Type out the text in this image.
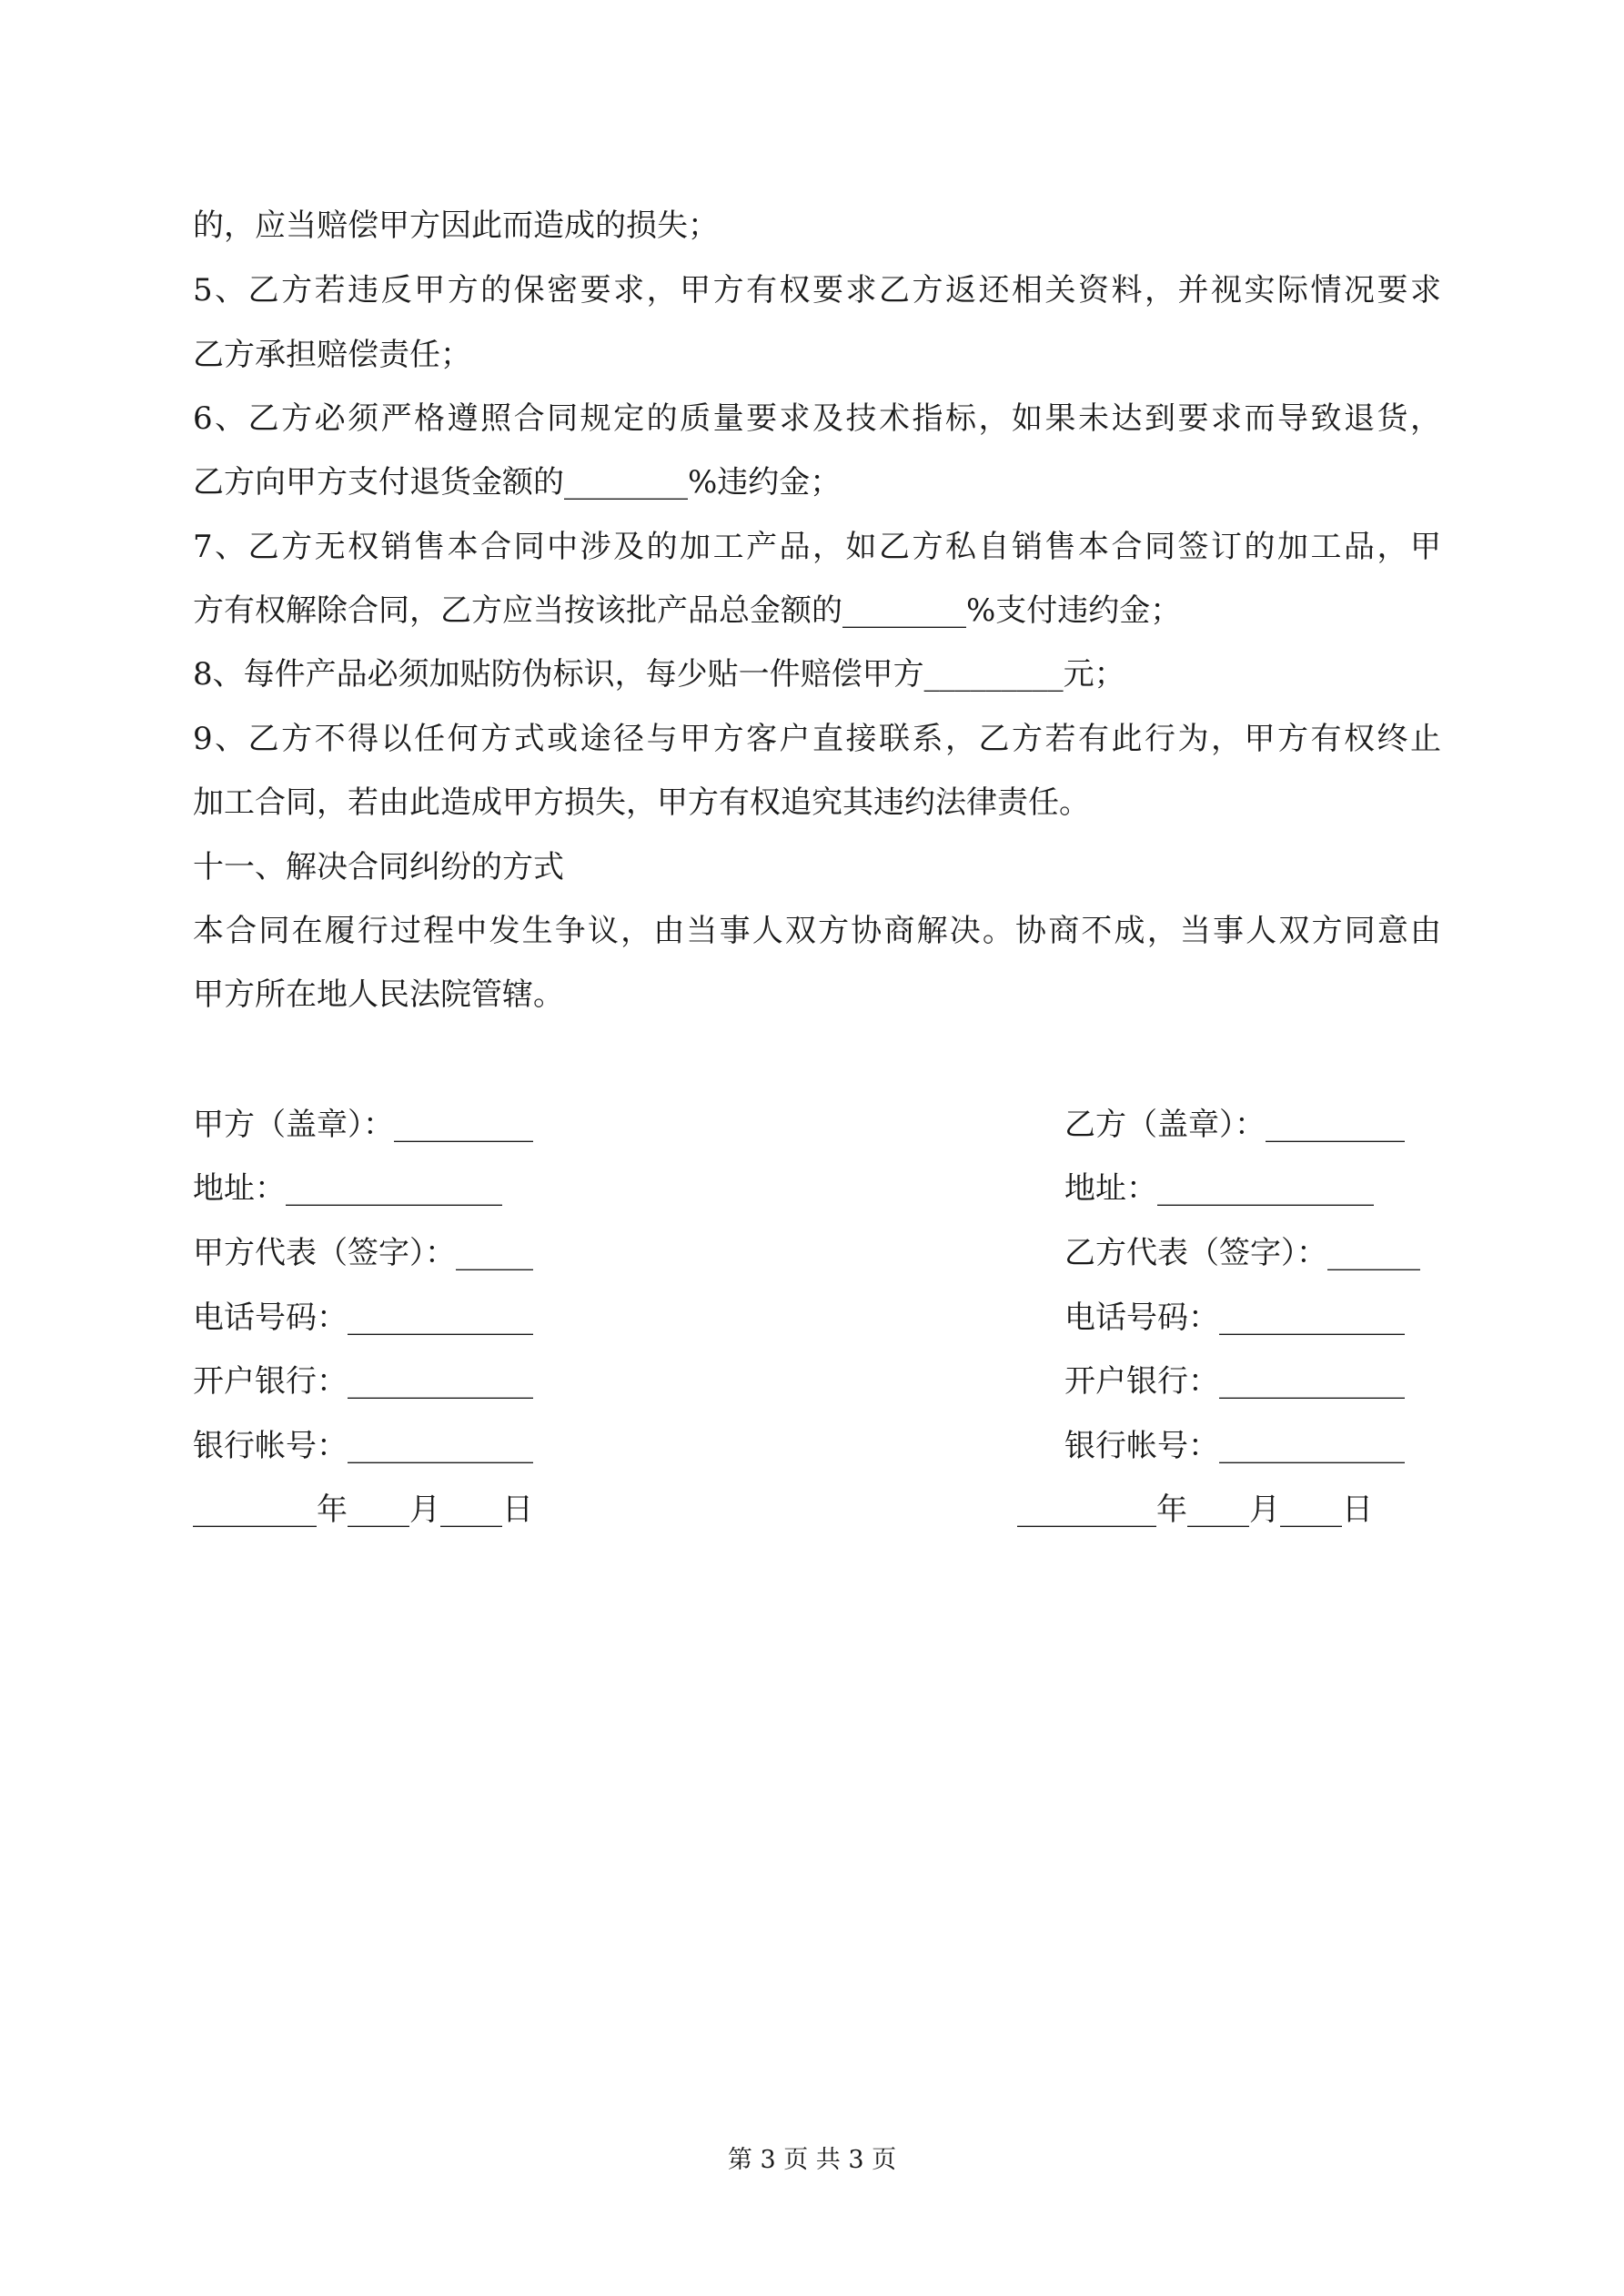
的，应当赔偿甲方因此而造成的损失；
5、乙方若违反甲方的保密要求，甲方有权要求乙方返还相关资料，并视实际情况要求
乙方承担赔偿责任；
6、乙方必须严格遵照合同规定的质量要求及技术指标，如果未达到要求而导致退货，
乙方向甲方支付退货金额的________%违约金；
7、乙方无权销售本合同中涉及的加工产品，如乙方私自销售本合同签订的加工品，甲
方有权解除合同，乙方应当按该批产品总金额的________%支付违约金；
8、每件产品必须加贴防伪标识，每少贴一件赔偿甲方_________元；
9、乙方不得以任何方式或途径与甲方客户直接联系，乙方若有此行为，甲方有权终止
加工合同，若由此造成甲方损失，甲方有权追究其违约法律责任。
十一、解决合同纠纷的方式
本合同在履行过程中发生争议，由当事人双方协商解决。协商不成，当事人双方同意由
甲方所在地人民法院管辖。
甲方（盖章）：_________
地址：______________
甲方代表（签字）：_____
电话号码：____________
开户银行：____________
银行帐号：____________
________年____月____日
乙方（盖章）：_________
地址：______________
乙方代表（签字）：______
电话号码：____________
开户银行：____________
银行帐号：____________
_________年____月____日
第 3 页 共 3 页
